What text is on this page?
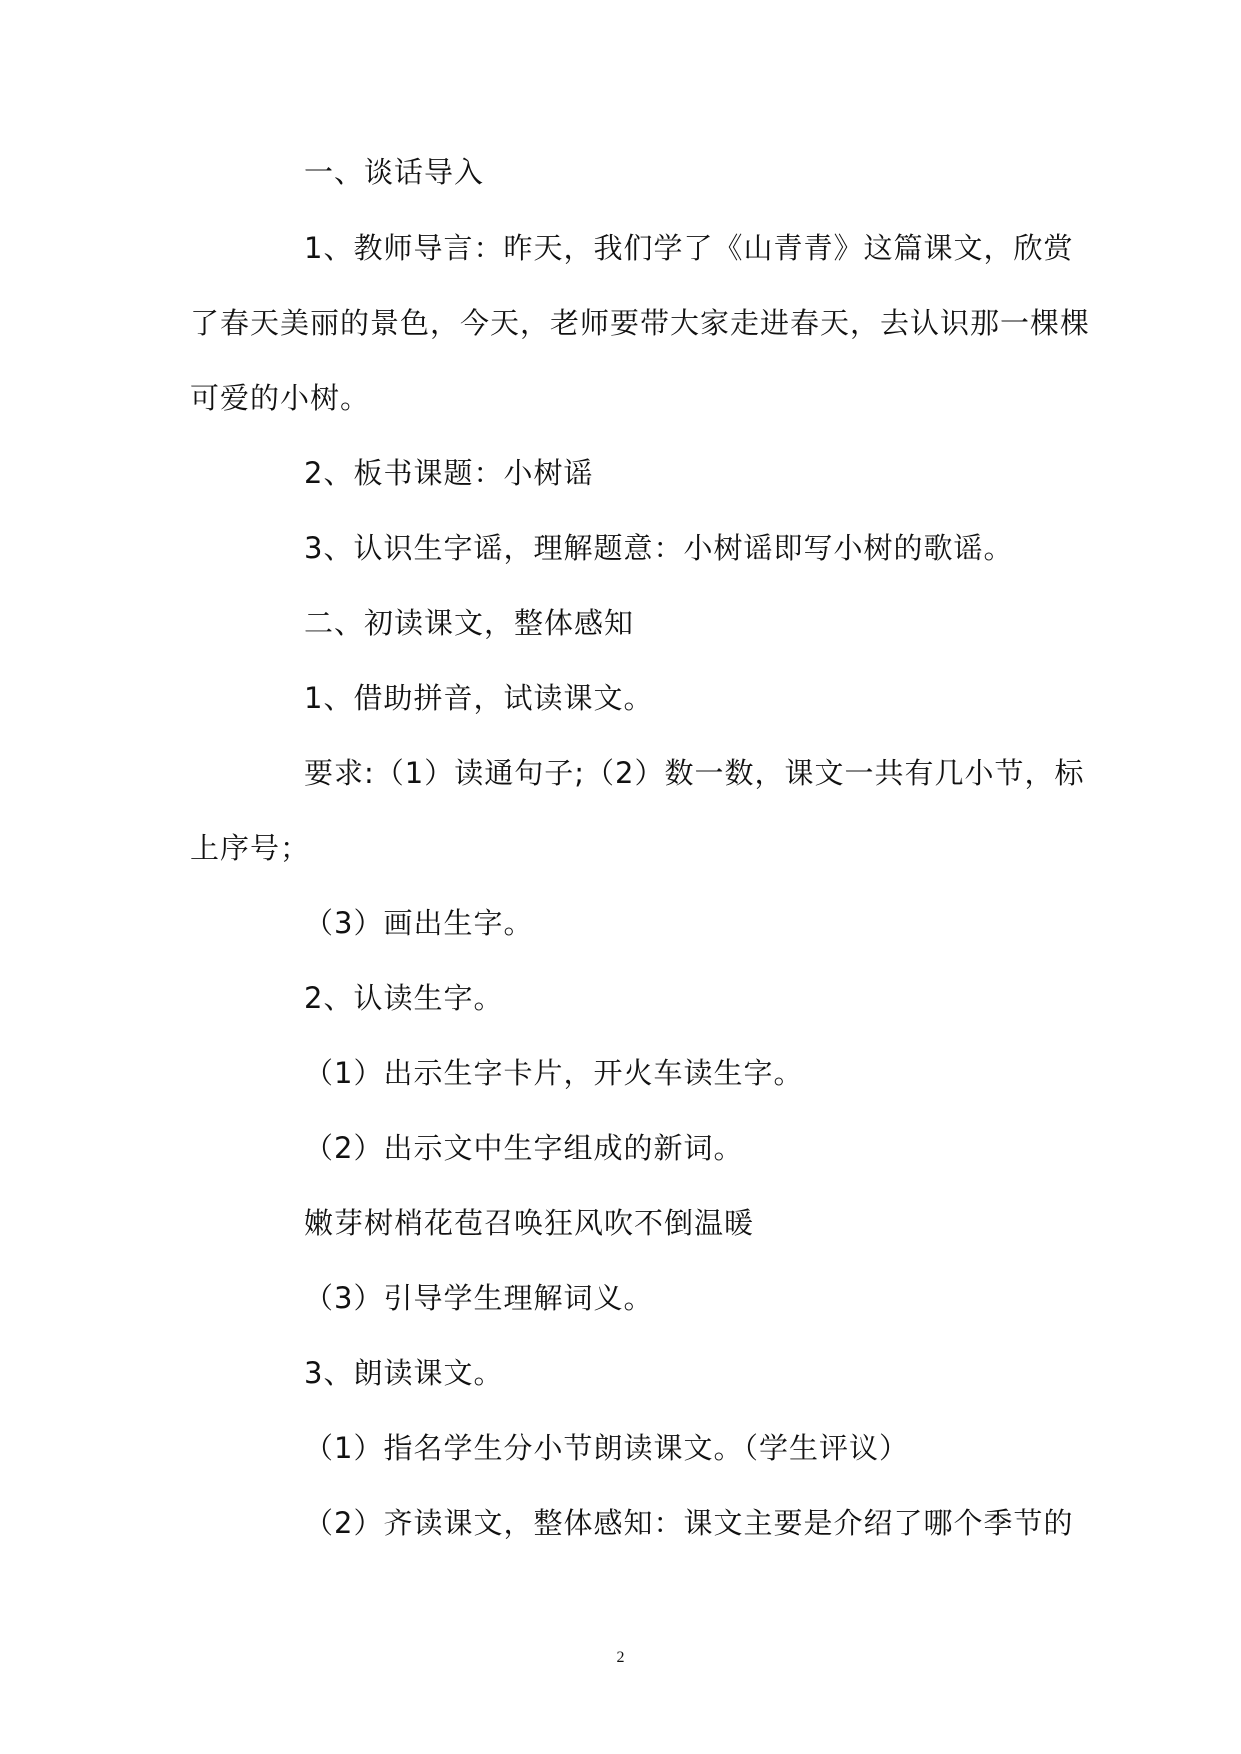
一、谈话导入
1、教师导言：昨天，我们学了《山青青》这篇课文，欣赏
了春天美丽的景色，今天，老师要带大家走进春天，去认识那一棵棵
可爱的小树。
2、板书课题：小树谣
3、认识生字谣，理解题意：小树谣即写小树的歌谣。
二、初读课文，整体感知
1、借助拼音，试读课文。
要求:（1）读通句子;（2）数一数，课文一共有几小节，标
上序号；
（3）画出生字。
2、认读生字。
（1）出示生字卡片，开火车读生字。
（2）出示文中生字组成的新词。
嫩芽树梢花苞召唤狂风吹不倒温暖
（3）引导学生理解词义。
3、朗读课文。
（1）指名学生分小节朗读课文。（学生评议）
（2）齐读课文，整体感知：课文主要是介绍了哪个季节的
2
